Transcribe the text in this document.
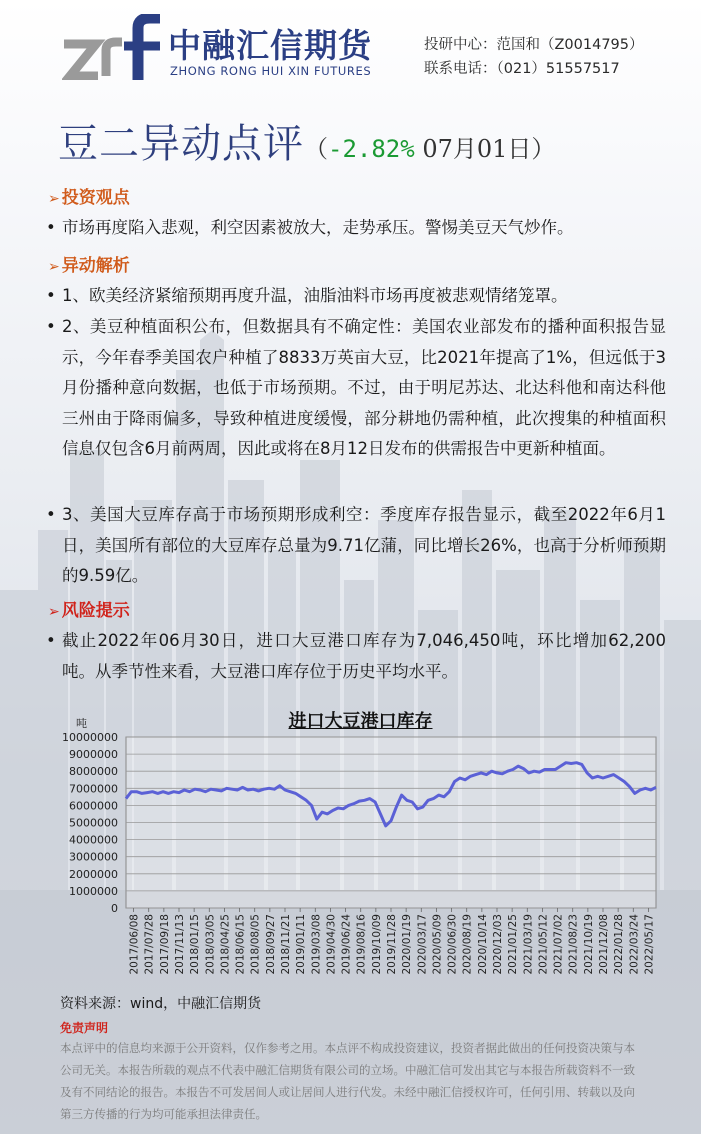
中融汇信期货
ZHONG RONG HUI XIN FUTURES
投研中心：范国和（Z0014795）
联系电话：（021）51557517
豆二异动点评（-2.82% 07月01日）
➢ 投资观点
• 市场再度陷入悲观，利空因素被放大，走势承压。警惕美豆天气炒作。
➢ 异动解析
• 1、欧美经济紧缩预期再度升温，油脂油料市场再度被悲观情绪笼罩。
• 2、美豆种植面积公布，但数据具有不确定性：美国农业部发布的播种面积报告显示，今年春季美国农户种植了8833万英亩大豆，比2021年提高了1%，但远低于3月份播种意向数据，也低于市场预期。不过，由于明尼苏达、北达科他和南达科他三州由于降雨偏多，导致种植进度缓慢，部分耕地仍需种植，此次搜集的种植面积信息仅包含6月前两周，因此或将在8月12日发布的供需报告中更新种植面。
• 3、美国大豆库存高于市场预期形成利空：季度库存报告显示，截至2022年6月1日，美国所有部位的大豆库存总量为9.71亿蒲，同比增长26%，也高于分析师预期的9.59亿。
➢ 风险提示
• 截止2022年06月30日，进口大豆港口库存为7,046,450吨，环比增加62,200吨。从季节性来看，大豆港口库存位于历史平均水平。
进口大豆港口库存
吨
0
1000000
2000000
3000000
4000000
5000000
6000000
7000000
8000000
9000000
10000000
2017/06/08 2017/07/28 2017/09/18 2017/11/13 2018/01/15 2018/03/05 2018/04/25 2018/06/15 2018/08/05 2018/09/27 2018/11/21 2019/01/11 2019/03/08 2019/04/30 2019/06/24 2019/08/16 2019/10/09 2019/11/28 2020/01/19 2020/03/17 2020/05/09 2020/06/30 2020/08/19 2020/10/14 2020/12/03 2021/01/25 2021/03/19 2021/05/12 2021/07/02 2021/08/23 2021/10/19 2021/12/08 2022/01/28 2022/03/24 2022/05/17
资料来源：wind，中融汇信期货
免责声明
本点评中的信息均来源于公开资料，仅作参考之用。本点评不构成投资建议，投资者据此做出的任何投资决策与本公司无关。本报告所载的观点不代表中融汇信期货有限公司的立场。中融汇信可发出其它与本报告所载资料不一致及有不同结论的报告。本报告不可发居间人或让居间人进行代发。未经中融汇信授权许可，任何引用、转载以及向第三方传播的行为均可能承担法律责任。
